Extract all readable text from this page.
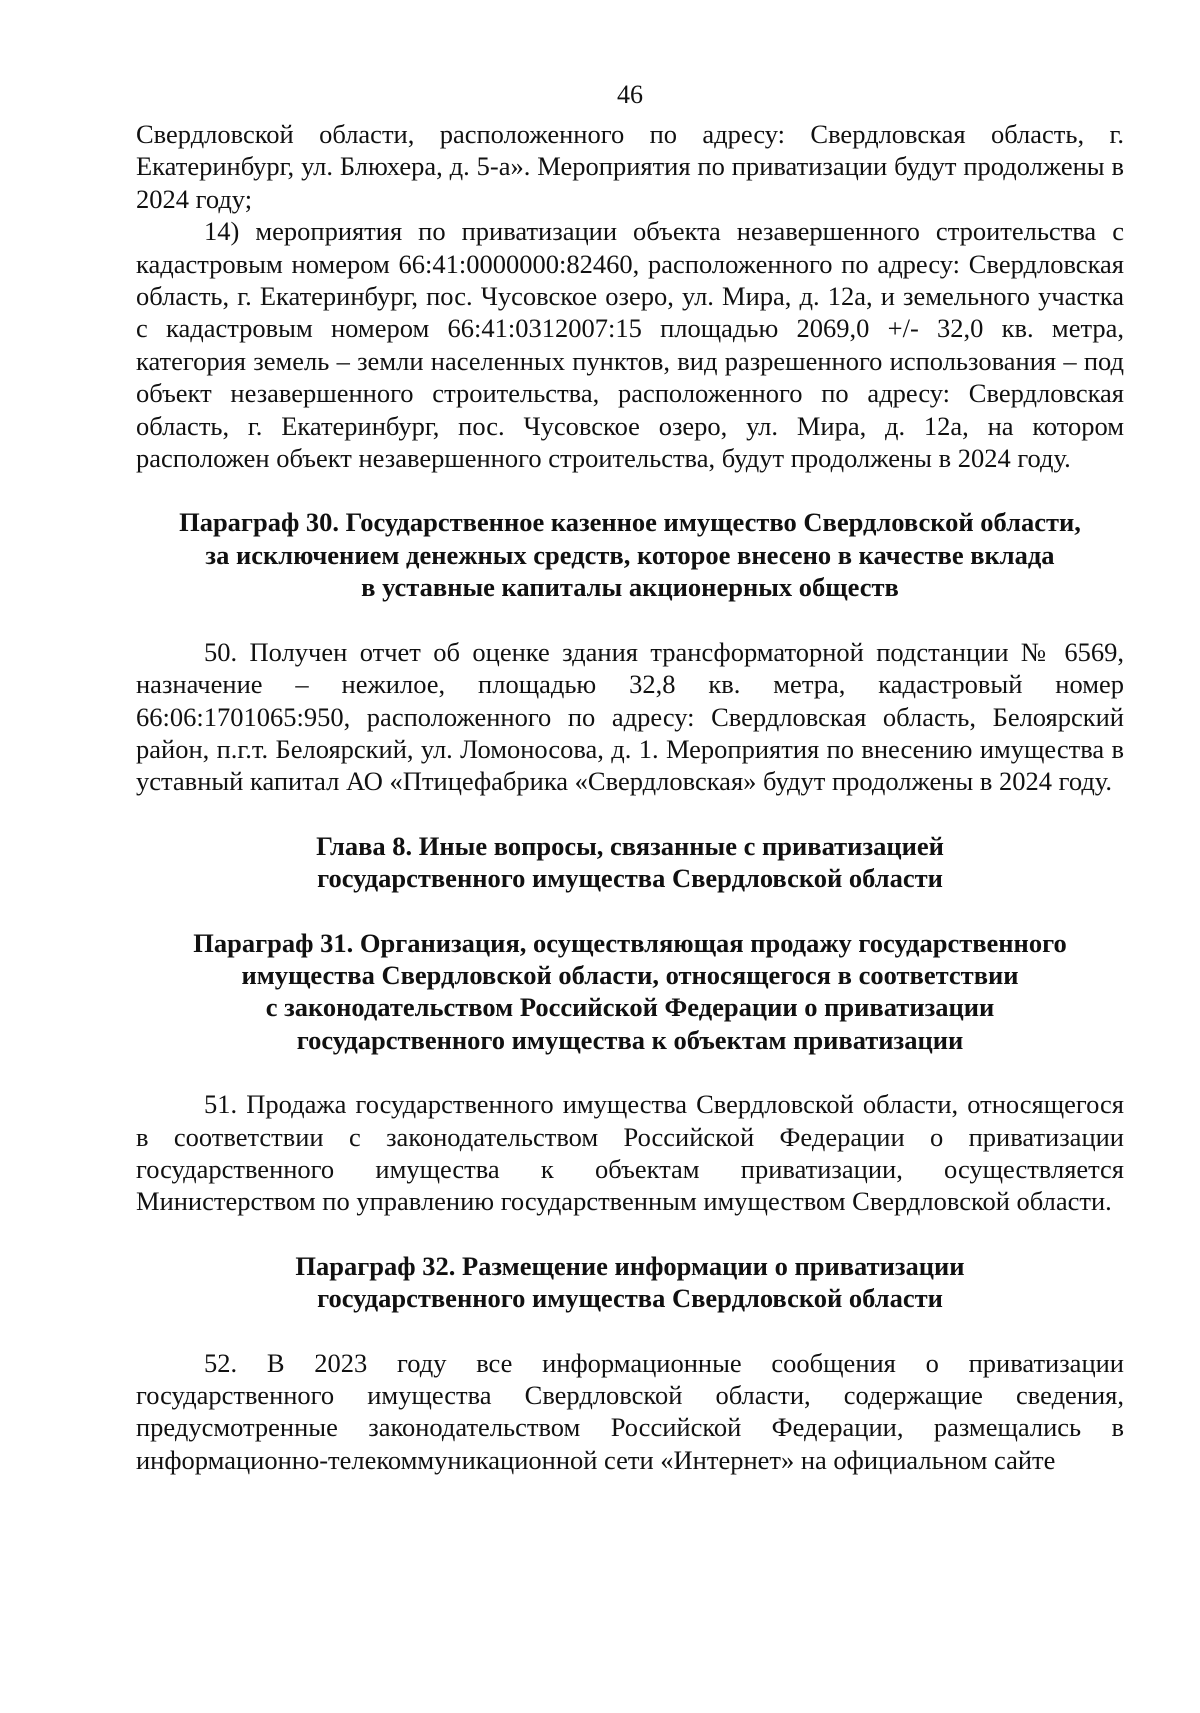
46

Свердловской области, расположенного по адресу: Свердловская область, г. Екатеринбург, ул. Блюхера, д. 5-а». Мероприятия по приватизации будут продолжены в 2024 году;

14) мероприятия по приватизации объекта незавершенного строительства с кадастровым номером 66:41:0000000:82460, расположенного по адресу: Свердловская область, г. Екатеринбург, пос. Чусовское озеро, ул. Мира, д. 12а, и земельного участка с кадастровым номером 66:41:0312007:15 площадью 2069,0 +/- 32,0 кв. метра, категория земель – земли населенных пунктов, вид разрешенного использования – под объект незавершенного строительства, расположенного по адресу: Свердловская область, г. Екатеринбург, пос. Чусовское озеро, ул. Мира, д. 12а, на котором расположен объект незавершенного строительства, будут продолжены в 2024 году.

Параграф 30. Государственное казенное имущество Свердловской области,
за исключением денежных средств, которое внесено в качестве вклада
в уставные капиталы акционерных обществ

50. Получен отчет об оценке здания трансформаторной подстанции № 6569, назначение – нежилое, площадью 32,8 кв. метра, кадастровый номер 66:06:1701065:950, расположенного по адресу: Свердловская область, Белоярский район, п.г.т. Белоярский, ул. Ломоносова, д. 1. Мероприятия по внесению имущества в уставный капитал АО «Птицефабрика «Свердловская» будут продолжены в 2024 году.

Глава 8. Иные вопросы, связанные с приватизацией
государственного имущества Свердловской области
Параграф 31. Организация, осуществляющая продажу государственного
имущества Свердловской области, относящегося в соответствии
с законодательством Российской Федерации о приватизации
государственного имущества к объектам приватизации

51. Продажа государственного имущества Свердловской области, относящегося в соответствии с законодательством Российской Федерации о приватизации государственного имущества к объектам приватизации, осуществляется Министерством по управлению государственным имуществом Свердловской области.

Параграф 32. Размещение информации о приватизации
государственного имущества Свердловской области

52. В 2023 году все информационные сообщения о приватизации государственного имущества Свердловской области, содержащие сведения, предусмотренные законодательством Российской Федерации, размещались в информационно-телекоммуникационной сети «Интернет» на официальном сайте
